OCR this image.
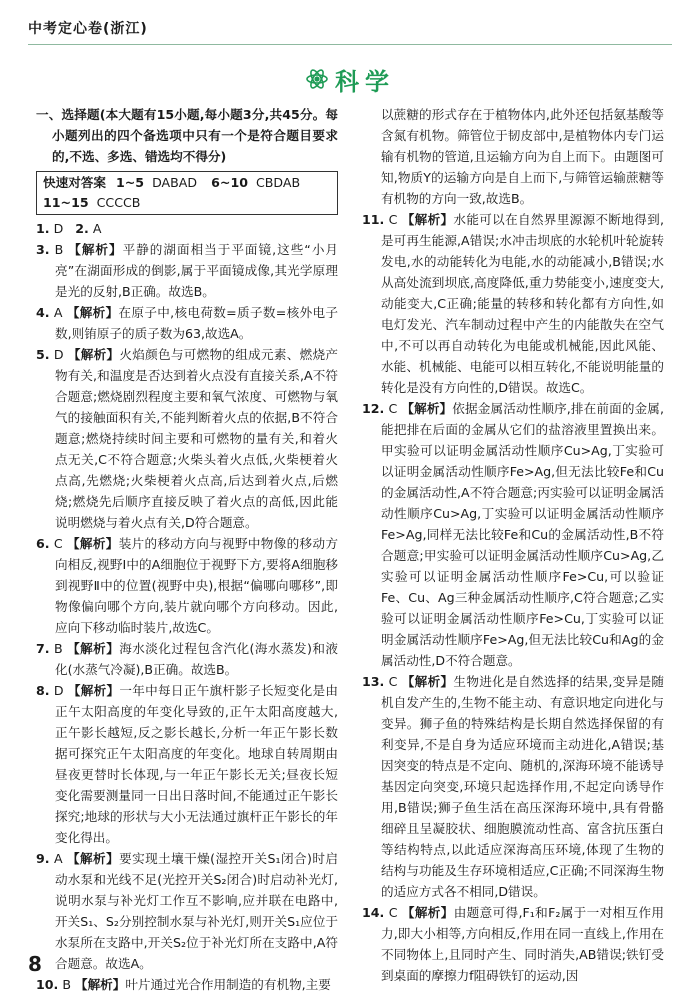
中考定心卷(浙江)
科学

一、选择题(本大题有15小题,每小题3分,共45分。每小题列出的四个备选项中只有一个是符合题目要求的,不选、多选、错选均不得分)

快速对答案 1~5 DABAD 6~10 CBDAB
11~15 CCCCB

1. D 2. A

3. B 【解析】平静的湖面相当于平面镜,这些“小月亮”在湖面形成的倒影,属于平面镜成像,其光学原理是光的反射,B正确。故选B。

4. A 【解析】在原子中,核电荷数=质子数=核外电子数,则铕原子的质子数为63,故选A。

5. D 【解析】火焰颜色与可燃物的组成元素、燃烧产物有关,和温度是否达到着火点没有直接关系,A不符合题意;燃烧剧烈程度主要和氧气浓度、可燃物与氧气的接触面积有关,不能判断着火点的依据,B不符合题意;燃烧持续时间主要和可燃物的量有关,和着火点无关,C不符合题意;火柴头着火点低,火柴梗着火点高,先燃烧;火柴梗着火点高,后达到着火点,后燃烧;燃烧先后顺序直接反映了着火点的高低,因此能说明燃烧与着火点有关,D符合题意。

6. C 【解析】装片的移动方向与视野中物像的移动方向相反,视野Ⅰ中的A细胞位于视野下方,要将A细胞移到视野Ⅱ中的位置(视野中央),根据“偏哪向哪移”,即物像偏向哪个方向,装片就向哪个方向移动。因此,应向下移动临时装片,故选C。

7. B 【解析】海水淡化过程包含汽化(海水蒸发)和液化(水蒸气冷凝),B正确。故选B。

8. D 【解析】一年中每日正午旗杆影子长短变化是由正午太阳高度的年变化导致的,正午太阳高度越大,正午影长越短,反之影长越长,分析一年正午影长数据可探究正午太阳高度的年变化。地球自转周期由昼夜更替时长体现,与一年正午影长无关;昼夜长短变化需要测量同一日出日落时间,不能通过正午影长探究;地球的形状与大小无法通过旗杆正午影长的年变化得出。

9. A 【解析】要实现土壤干燥(湿控开关S₁闭合)时启动水泵和光线不足(光控开关S₂闭合)时启动补光灯,说明水泵与补光灯工作互不影响,应并联在电路中,开关S₁、S₂分别控制水泵与补光灯,则开关S₁应位于水泵所在支路中,开关S₂位于补光灯所在支路中,A符合题意。故选A。

10. B 【解析】叶片通过光合作用制造的有机物,主要

以蔗糖的形式存在于植物体内,此外还包括氨基酸等含氮有机物。筛管位于韧皮部中,是植物体内专门运输有机物的管道,且运输方向为自上而下。由题图可知,物质Y的运输方向是自上而下,与筛管运输蔗糖等有机物的方向一致,故选B。

11. C 【解析】水能可以在自然界里源源不断地得到,是可再生能源,A错误;水冲击坝底的水轮机叶轮旋转发电,水的动能转化为电能,水的动能减小,B错误;水从高处流到坝底,高度降低,重力势能变小,速度变大,动能变大,C正确;能量的转移和转化都有方向性,如电灯发光、汽车制动过程中产生的内能散失在空气中,不可以再自动转化为电能或机械能,因此风能、水能、机械能、电能可以相互转化,不能说明能量的转化是没有方向性的,D错误。故选C。

12. C 【解析】依据金属活动性顺序,排在前面的金属,能把排在后面的金属从它们的盐溶液里置换出来。甲实验可以证明金属活动性顺序Cu>Ag,丁实验可以证明金属活动性顺序Fe>Ag,但无法比较Fe和Cu的金属活动性,A不符合题意;丙实验可以证明金属活动性顺序Cu>Ag,丁实验可以证明金属活动性顺序Fe>Ag,同样无法比较Fe和Cu的金属活动性,B不符合题意;甲实验可以证明金属活动性顺序Cu>Ag,乙实验可以证明金属活动性顺序Fe>Cu,可以验证Fe、Cu、Ag三种金属活动性顺序,C符合题意;乙实验可以证明金属活动性顺序Fe>Cu,丁实验可以证明金属活动性顺序Fe>Ag,但无法比较Cu和Ag的金属活动性,D不符合题意。

13. C 【解析】生物进化是自然选择的结果,变异是随机自发产生的,生物不能主动、有意识地定向进化与变异。狮子鱼的特殊结构是长期自然选择保留的有利变异,不是自身为适应环境而主动进化,A错误;基因突变的特点是不定向、随机的,深海环境不能诱导基因定向突变,环境只起选择作用,不起定向诱导作用,B错误;狮子鱼生活在高压深海环境中,具有骨骼细碎且呈凝胶状、细胞膜流动性高、富含抗压蛋白等结构特点,以此适应深海高压环境,体现了生物的结构与功能及生存环境相适应,C正确;不同深海生物的适应方式各不相同,D错误。

14. C 【解析】由题意可得,F₁和F₂属于一对相互作用力,即大小相等,方向相反,作用在同一直线上,作用在不同物体上,且同时产生、同时消失,AB错误;铁钉受到桌面的摩擦力f阻碍铁钉的运动,因

8
